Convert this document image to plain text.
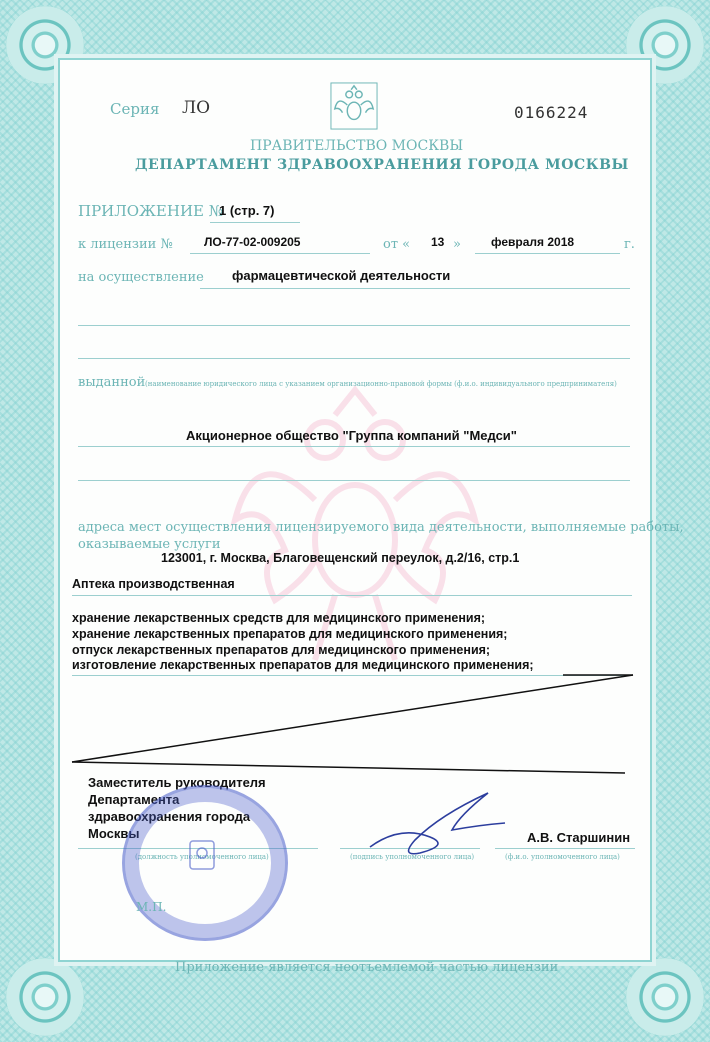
Серия ЛО	0166224
ПРАВИТЕЛЬСТВО МОСКВЫ
ДЕПАРТАМЕНТ ЗДРАВООХРАНЕНИЯ ГОРОДА МОСКВЫ
ПРИЛОЖЕНИЕ №
1 (стр. 7)
к лицензии №	ЛО-77-02-009205	от « 13 »	февраля 2018	г.
на осуществление фармацевтической деятельности
выданной (наименование юридического лица с указанием организационно-правовой формы (ф.и.о. индивидуального предпринимателя)
Акционерное общество "Группа компаний "Медси"
адреса мест осуществления лицензируемого вида деятельности, выполняемые работы,
оказываемые услуги
123001, г. Москва, Благовещенский переулок, д.2/16, стр.1
Аптека производственная
хранение лекарственных средств для медицинского применения;
хранение лекарственных препаратов для медицинского применения;
отпуск лекарственных препаратов для медицинского применения;
изготовление лекарственных препаратов для медицинского применения;
Заместитель руководителя
Департамента
здравоохранения города
Москвы
(должность уполномоченного лица)	(подпись уполномоченного лица)	(ф.и.о. уполномоченного лица)
А.В. Старшинин
М.П.
Приложение является неотъемлемой частью лицензии
